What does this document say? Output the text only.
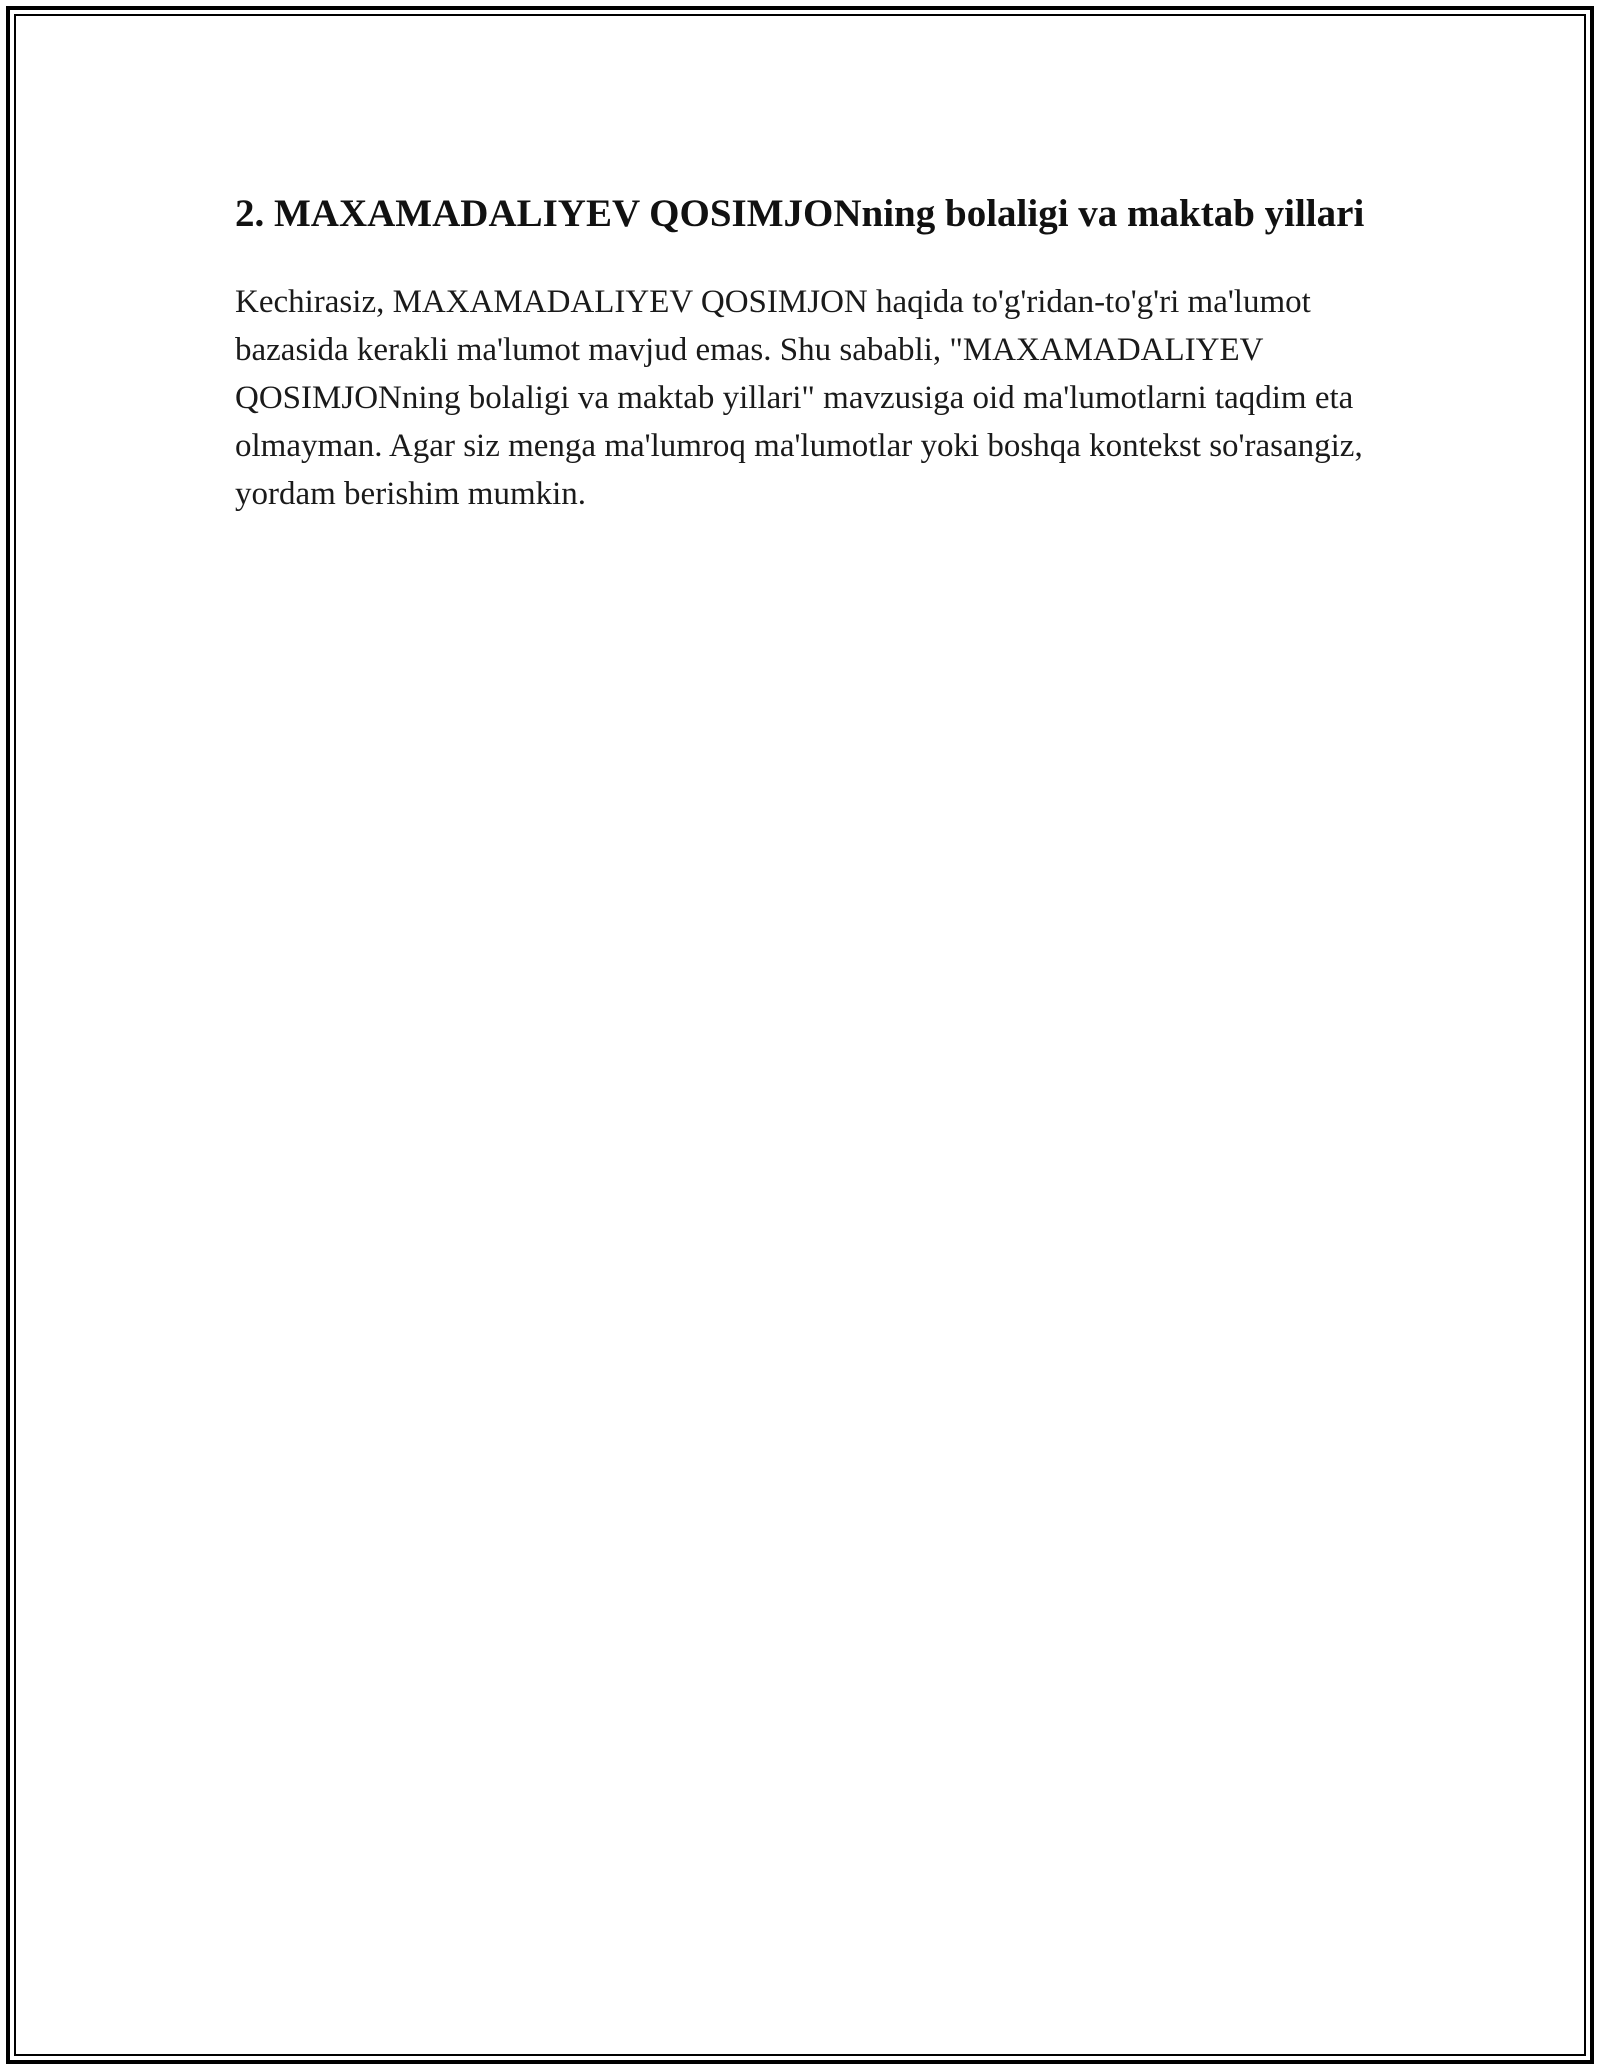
2. MAXAMADALIYEV QOSIMJONning bolaligi va maktab yillari

Kechirasiz, MAXAMADALIYEV QOSIMJON haqida to'g'ridan-to'g'ri ma'lumot bazasida kerakli ma'lumot mavjud emas. Shu sababli, "MAXAMADALIYEV QOSIMJONning bolaligi va maktab yillari" mavzusiga oid ma'lumotlarni taqdim eta olmayman. Agar siz menga ma'lumroq ma'lumotlar yoki boshqa kontekst so'rasangiz, yordam berishim mumkin.
